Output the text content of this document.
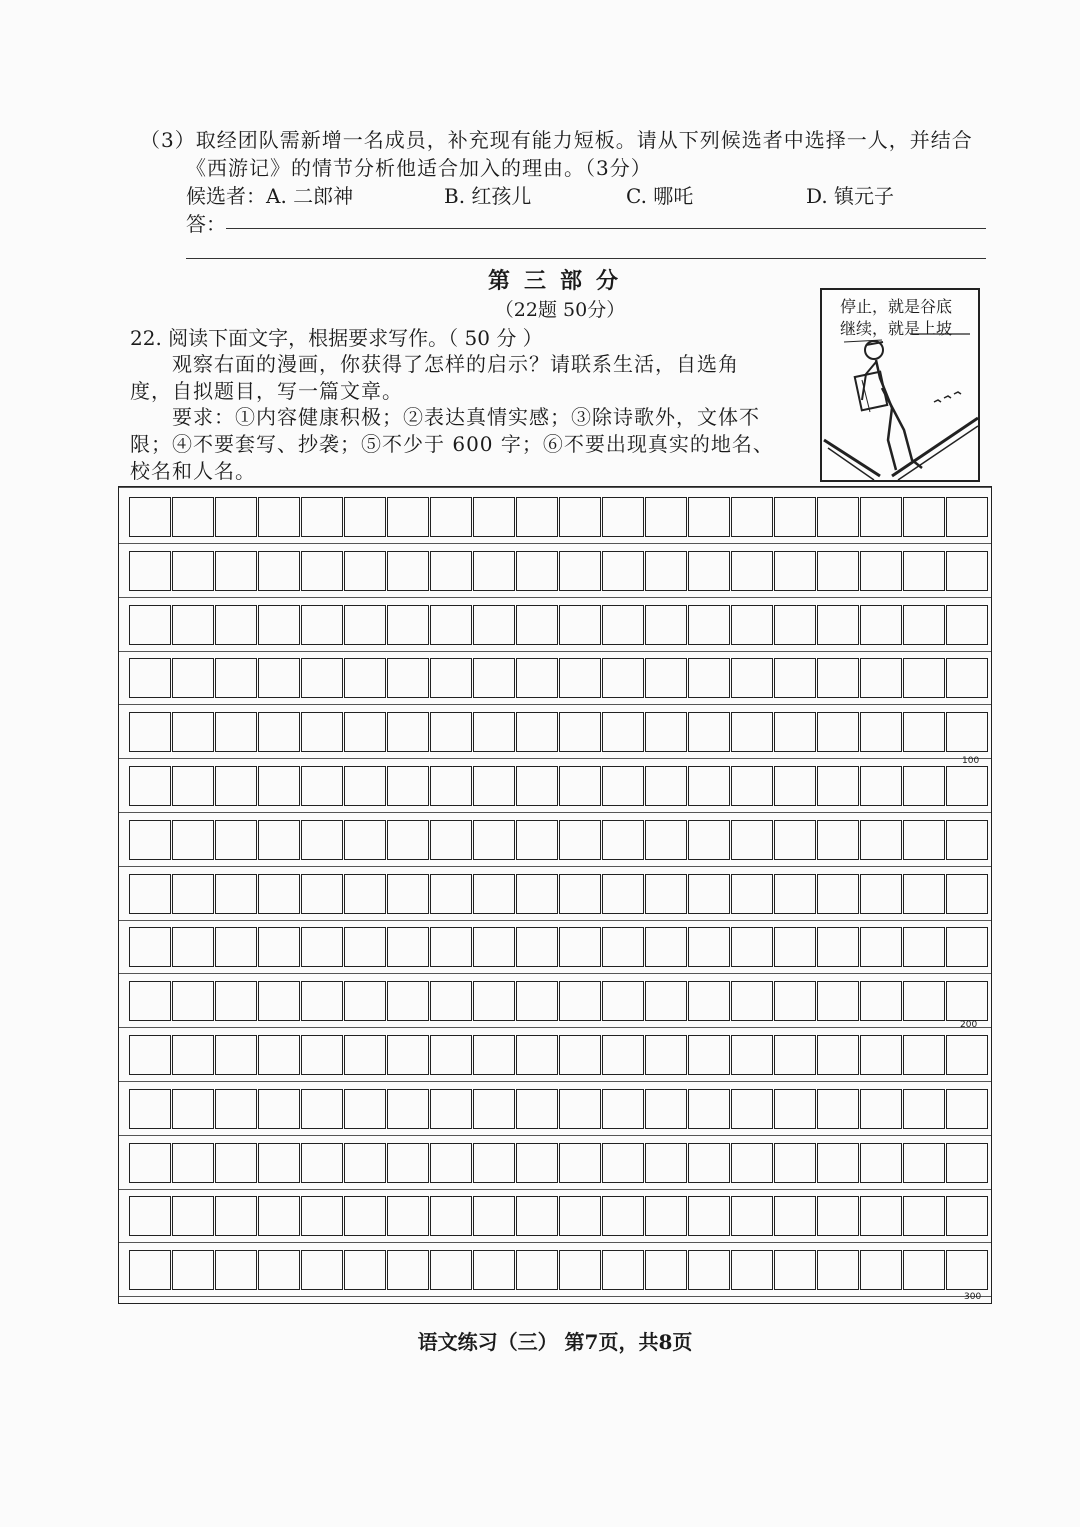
（3）取经团队需新增一名成员，补充现有能力短板。请从下列候选者中选择一人，并结合
《西游记》的情节分析他适合加入的理由。（3分）
候选者： A. 二郎神	B. 红孩儿	C. 哪吒	D. 镇元子
答：
第三部分
（22题 50分）
22. 阅读下面文字，根据要求写作。（ 50 分 ）
观察右面的漫画，你获得了怎样的启示？请联系生活，自选角
度，自拟题目，写一篇文章。
要求：①内容健康积极；②表达真情实感；③除诗歌外，文体不
限；④不要套写、抄袭；⑤不少于 600 字；⑥不要出现真实的地名、
校名和人名。
停止，就是谷底
继续，就是上坡
100
200
300
语文练习（三） 第7页，共8页
